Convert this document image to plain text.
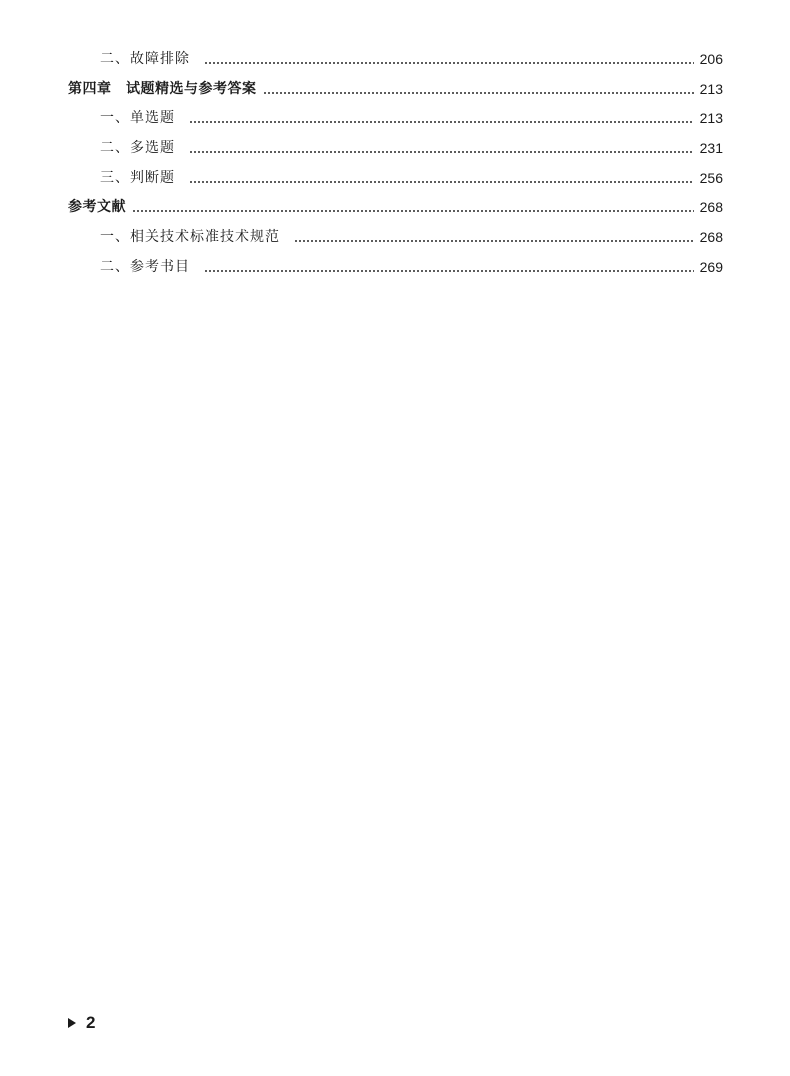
二、故障排除	206
第四章　试题精选与参考答案	213
一、单选题	213
二、多选题	231
三、判断题	256
参考文献	268
一、相关技术标准技术规范	268
二、参考书目	269
2
